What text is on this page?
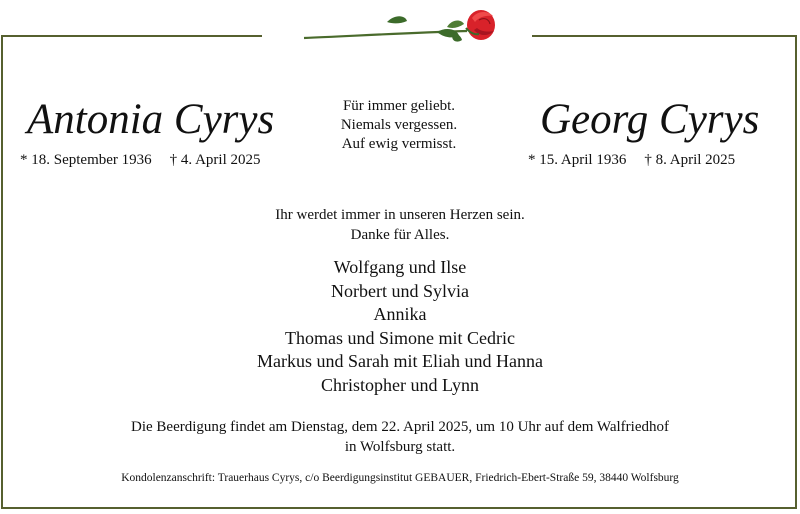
Antonia Cyrys
* 18. September 1936 † 4. April 2025
Für immer geliebt.
Niemals vergessen.
Auf ewig vermisst.
Georg Cyrys
* 15. April 1936 † 8. April 2025
Ihr werdet immer in unseren Herzen sein.
Danke für Alles.
Wolfgang und Ilse
Norbert und Sylvia
Annika
Thomas und Simone mit Cedric
Markus und Sarah mit Eliah und Hanna
Christopher und Lynn
Die Beerdigung findet am Dienstag, dem 22. April 2025, um 10 Uhr auf dem Walfriedhof
in Wolfsburg statt.
Kondolenzanschrift: Trauerhaus Cyrys, c/o Beerdigungsinstitut GEBAUER, Friedrich-Ebert-Straße 59, 38440 Wolfsburg
